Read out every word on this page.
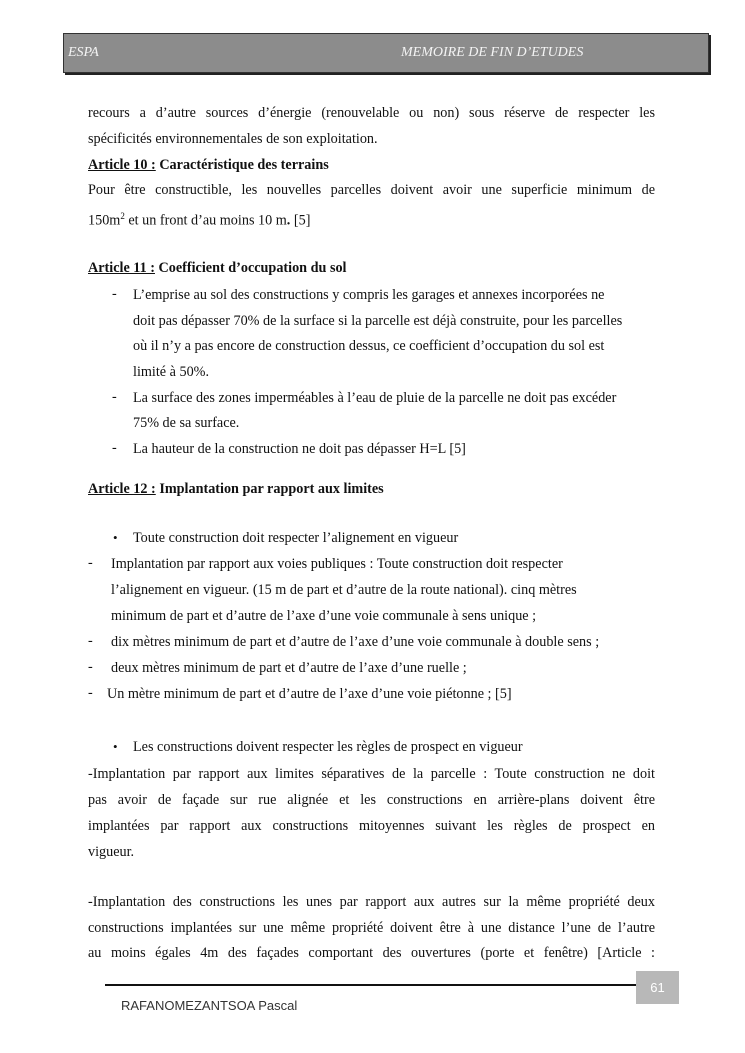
ESPA	MEMOIRE DE FIN D’ETUDES
recours a d’autre sources d’énergie (renouvelable ou non) sous réserve de respecter les
spécificités environnementales de son exploitation.
Article 10 : Caractéristique des terrains
Pour être constructible, les nouvelles parcelles doivent avoir une superficie minimum de
$150m^2$ et un front d’au moins 10 m. [5]
Article 11 : Coefficient d’occupation du sol
- L’emprise au sol des constructions y compris les garages et annexes incorporées ne
doit pas dépasser 70% de la surface si la parcelle est déjà construite, pour les parcelles
où il n’y a pas encore de construction dessus, ce coefficient d’occupation du sol est
limité à 50%.
- La surface des zones imperméables à l’eau de pluie de la parcelle ne doit pas excéder
75% de sa surface.
- La hauteur de la construction ne doit pas dépasser H=L [5]
Article 12 : Implantation par rapport aux limites
• Toute construction doit respecter l’alignement en vigueur
- Implantation par rapport aux voies publiques : Toute construction doit respecter
l’alignement en vigueur. (15 m de part et d’autre de la route national). cinq mètres
minimum de part et d’autre de l’axe d’une voie communale à sens unique ;
- dix mètres minimum de part et d’autre de l’axe d’une voie communale à double sens ;
- deux mètres minimum de part et d’autre de l’axe d’une ruelle ;
- Un mètre minimum de part et d’autre de l’axe d’une voie piétonne ; [5]
• Les constructions doivent respecter les règles de prospect en vigueur
-Implantation par rapport aux limites séparatives de la parcelle : Toute construction ne doit
pas avoir de façade sur rue alignée et les constructions en arrière-plans doivent être
implantées par rapport aux constructions mitoyennes suivant les règles de prospect en
vigueur.
-Implantation des constructions les unes par rapport aux autres sur la même propriété deux
constructions implantées sur une même propriété doivent être à une distance l’une de l’autre
au moins égales 4m des façades comportant des ouvertures (porte et fenêtre) [Article :
61
RAFANOMEZANTSOA Pascal
